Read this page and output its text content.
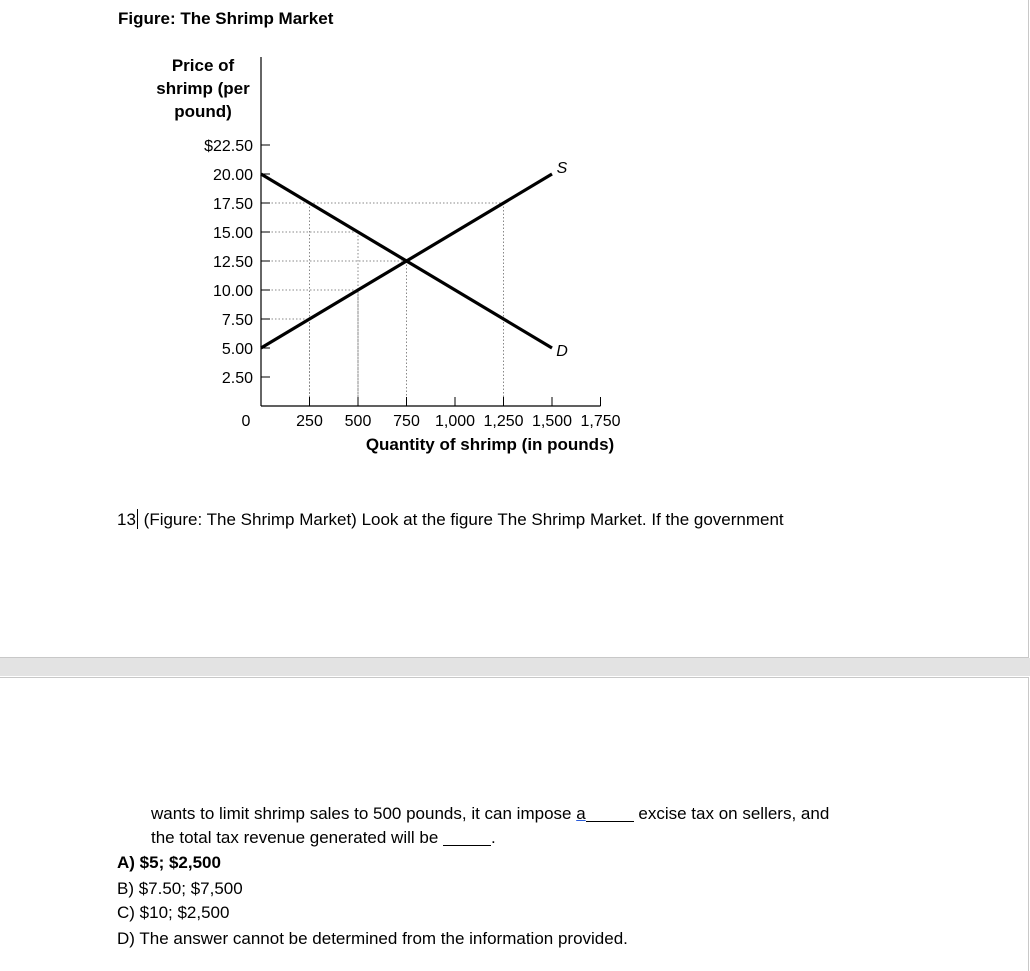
Figure: The Shrimp Market
Price of
shrimp (per
pound)
2.50
5.00
7.50
10.00
12.50
15.00
17.50
20.00
$22.50
0	250 500 750 1,000 1,250 1,500 1,750
S
D
Quantity of shrimp (in pounds)
13 (Figure: The Shrimp Market) Look at the figure The Shrimp Market. If the government
wants to limit shrimp sales to 500 pounds, it can impose a	excise tax on sellers, and
the total tax revenue generated will be	.
A) $5; $2,500
B) $7.50; $7,500
C) $10; $2,500
D) The answer cannot be determined from the information provided.
